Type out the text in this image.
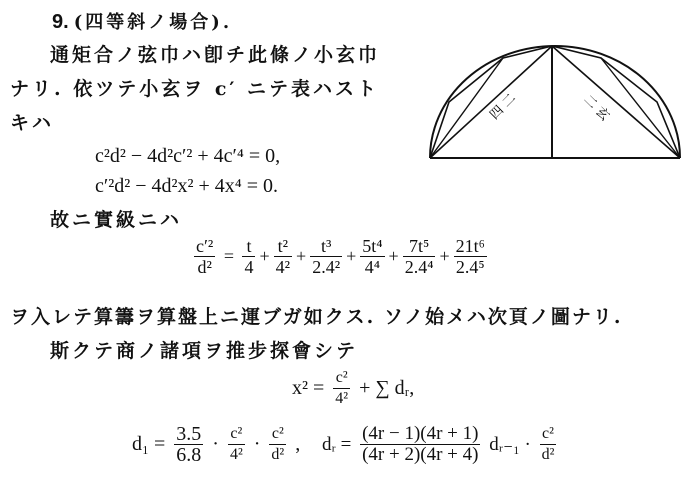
9. (四等斜ノ場合).
通矩合ノ弦巾ハ卽チ此條ノ小玄巾
ナリ. 依ツテ小玄ヲ c′ ニテ表ハスト
キハ
c²d² − 4d²c′² + 4c′⁴ = 0,
c′²d² − 4d²x² + 4x⁴ = 0.
故ニ實級ニハ
$\frac{\text{c′²}}{\text{d²}} = \frac{t}{4} + \frac{\text{t²}}{\text{4²}} + \frac{\text{t³}}{\text{2.4²}} + \frac{\text{5t⁴}}{\text{4⁴}} + \frac{\text{7t⁵}}{\text{2.4⁴}} + \frac{\text{21t⁶}}{\text{2.4⁵}}$
ヲ入レテ算籌ヲ算盤上ニ運ブガ如クス. ソノ始メハ次頁ノ圖ナリ.
斯クテ商ノ諸項ヲ推步探會シテ
$x^2 = \frac{\text{c²}}{\text{4²}}$ + ∑ dᵣ,
$d_1 = \frac{3.5}{6.8} \cdot \frac{\text{c²}}{\text{4²}} \cdot \frac{\text{c²}}{\text{d²}}$ , dᵣ = $\frac{(4r - 1)(4r + 1)}{(4r + 2)(4r + 4)}$ dᵣ₋₁ · $\frac{\text{c²}}{\text{d²}}$
四 二	二 玄
